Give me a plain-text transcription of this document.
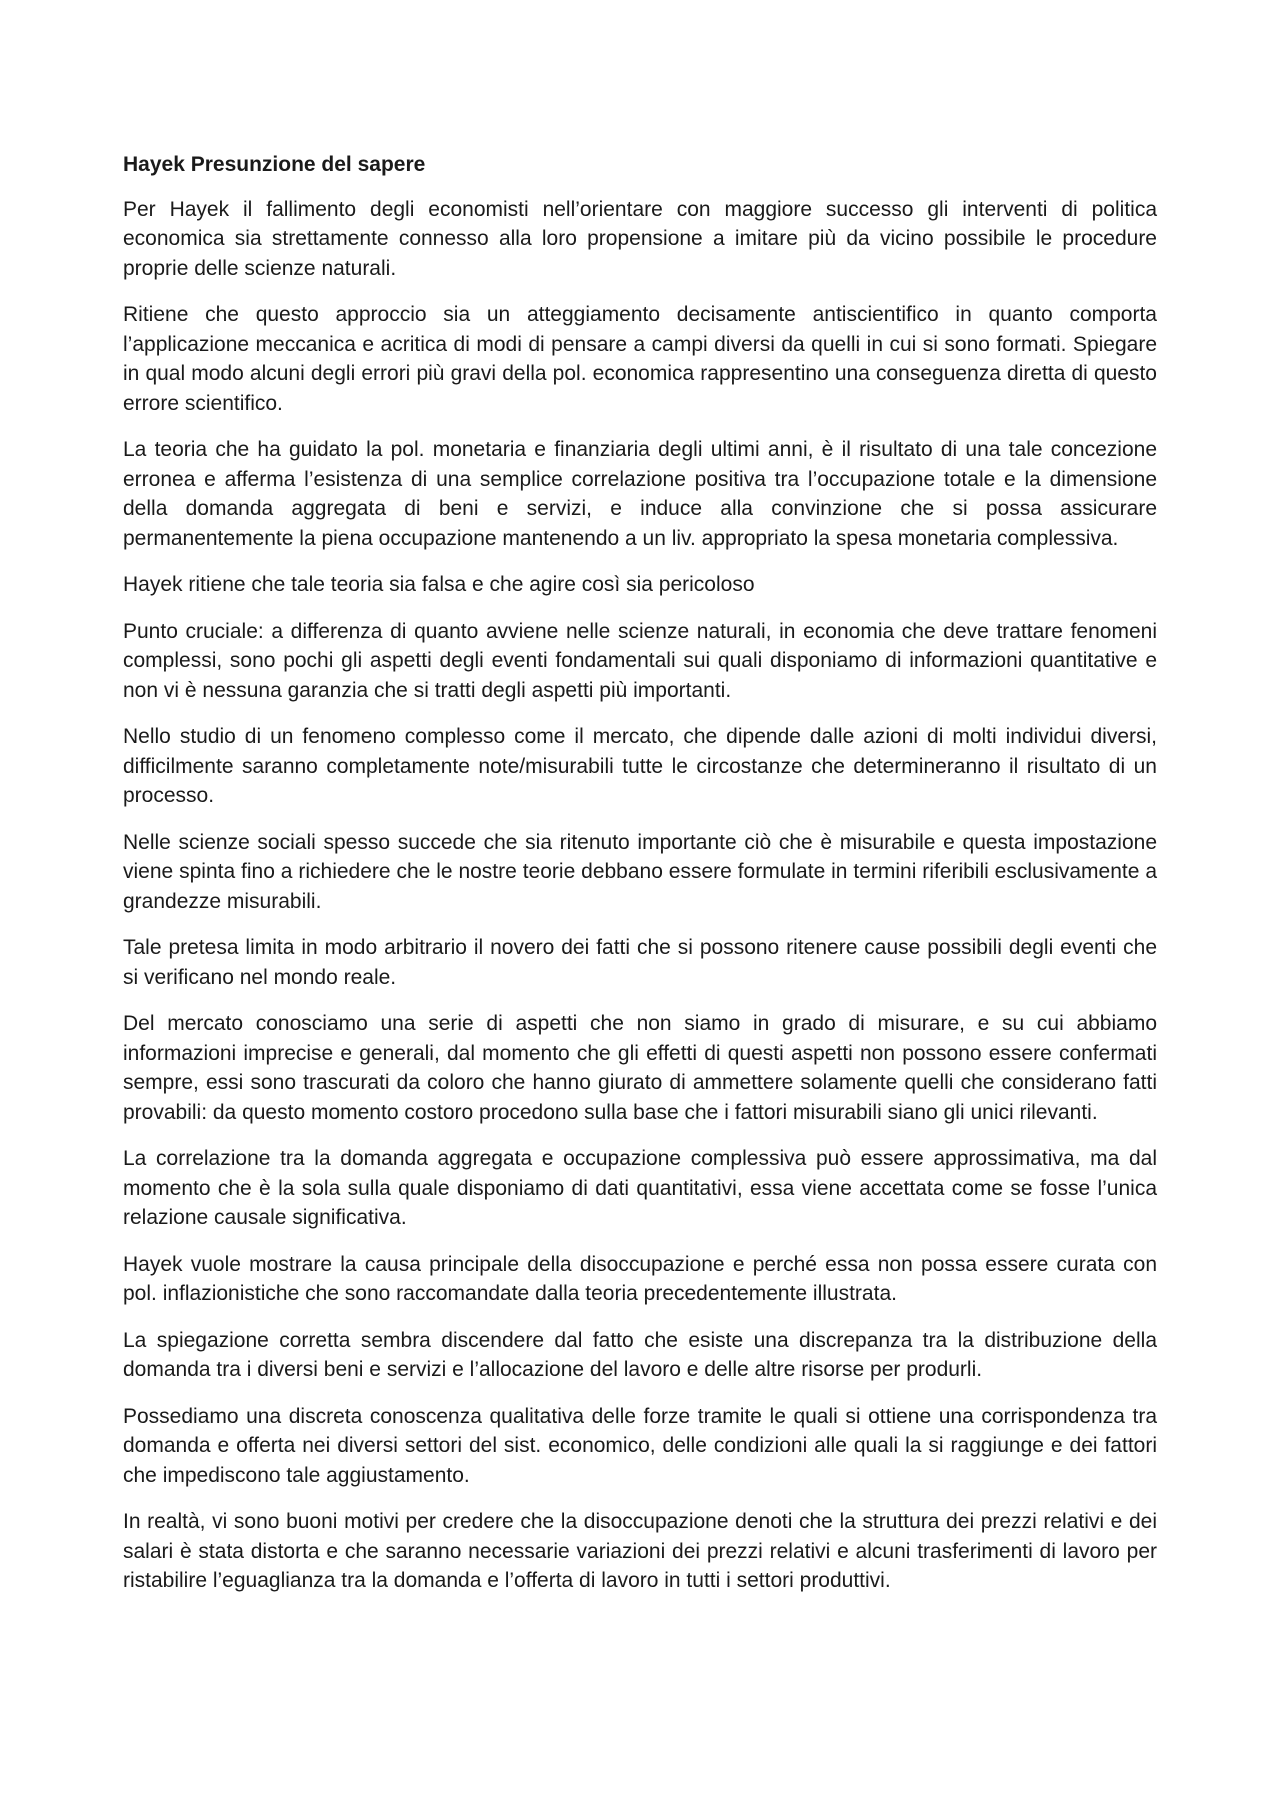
Hayek Presunzione del sapere

Per Hayek il fallimento degli economisti nell’orientare con maggiore successo gli interventi di politica economica sia strettamente connesso alla loro propensione a imitare più da vicino possibile le procedure proprie delle scienze naturali.

Ritiene che questo approccio sia un atteggiamento decisamente antiscientifico in quanto comporta l’applicazione meccanica e acritica di modi di pensare a campi diversi da quelli in cui si sono formati. Spiegare in qual modo alcuni degli errori più gravi della pol. economica rappresentino una conseguenza diretta di questo errore scientifico.

La teoria che ha guidato la pol. monetaria e finanziaria degli ultimi anni, è il risultato di una tale concezione erronea e afferma l’esistenza di una semplice correlazione positiva tra l’occupazione totale e la dimensione della domanda aggregata di beni e servizi, e induce alla convinzione che si possa assicurare permanentemente la piena occupazione mantenendo a un liv. appropriato la spesa monetaria complessiva.

Hayek ritiene che tale teoria sia falsa e che agire così sia pericoloso

Punto cruciale: a differenza di quanto avviene nelle scienze naturali, in economia che deve trattare fenomeni complessi, sono pochi gli aspetti degli eventi fondamentali sui quali disponiamo di informazioni quantitative e non vi è nessuna garanzia che si tratti degli aspetti più importanti.

Nello studio di un fenomeno complesso come il mercato, che dipende dalle azioni di molti individui diversi, difficilmente saranno completamente note/misurabili tutte le circostanze che determineranno il risultato di un processo.

Nelle scienze sociali spesso succede che sia ritenuto importante ciò che è misurabile e questa impostazione viene spinta fino a richiedere che le nostre teorie debbano essere formulate in termini riferibili esclusivamente a grandezze misurabili.

Tale pretesa limita in modo arbitrario il novero dei fatti che si possono ritenere cause possibili degli eventi che si verificano nel mondo reale.

Del mercato conosciamo una serie di aspetti che non siamo in grado di misurare, e su cui abbiamo informazioni imprecise e generali, dal momento che gli effetti di questi aspetti non possono essere confermati sempre, essi sono trascurati da coloro che hanno giurato di ammettere solamente quelli che considerano fatti provabili: da questo momento costoro procedono sulla base che i fattori misurabili siano gli unici rilevanti.

La correlazione tra la domanda aggregata e occupazione complessiva può essere approssimativa, ma dal momento che è la sola sulla quale disponiamo di dati quantitativi, essa viene accettata come se fosse l’unica relazione causale significativa.

Hayek vuole mostrare la causa principale della disoccupazione e perché essa non possa essere curata con pol. inflazionistiche che sono raccomandate dalla teoria precedentemente illustrata.

La spiegazione corretta sembra discendere dal fatto che esiste una discrepanza tra la distribuzione della domanda tra i diversi beni e servizi e l’allocazione del lavoro e delle altre risorse per produrli.

Possediamo una discreta conoscenza qualitativa delle forze tramite le quali si ottiene una corrispondenza tra domanda e offerta nei diversi settori del sist. economico, delle condizioni alle quali la si raggiunge e dei fattori che impediscono tale aggiustamento.

In realtà, vi sono buoni motivi per credere che la disoccupazione denoti che la struttura dei prezzi relativi e dei salari è stata distorta e che saranno necessarie variazioni dei prezzi relativi e alcuni trasferimenti di lavoro per ristabilire l’eguaglianza tra la domanda e l’offerta di lavoro in tutti i settori produttivi.
